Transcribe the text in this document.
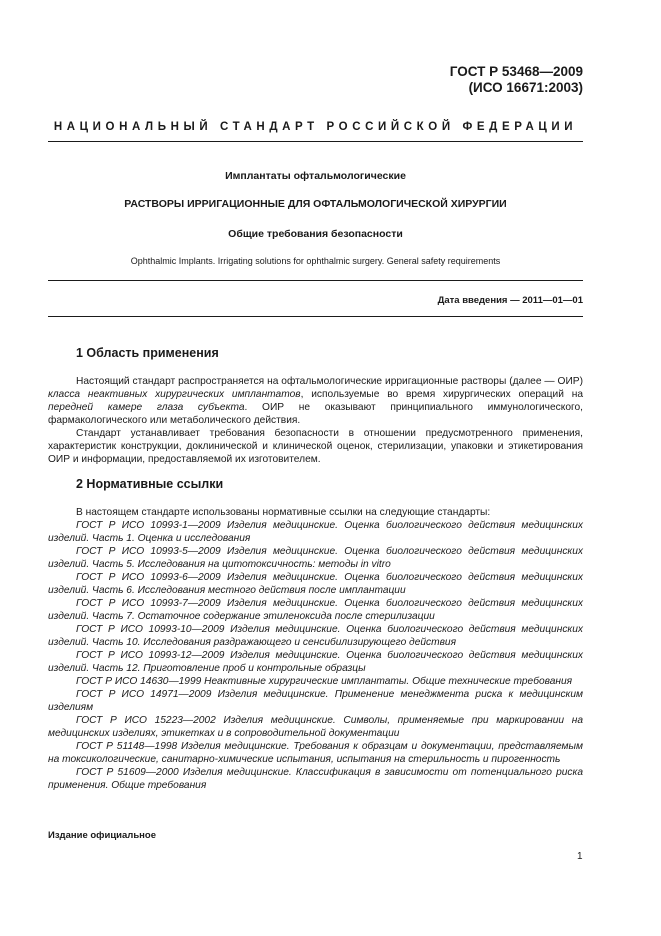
ГОСТ Р 53468—2009
(ИСО 16671:2003)
НАЦИОНАЛЬНЫЙ СТАНДАРТ РОССИЙСКОЙ ФЕДЕРАЦИИ
Имплантаты офтальмологические
РАСТВОРЫ ИРРИГАЦИОННЫЕ ДЛЯ ОФТАЛЬМОЛОГИЧЕСКОЙ ХИРУРГИИ
Общие требования безопасности
Ophthalmic Implants. Irrigating solutions for ophthalmic surgery. General safety requirements
Дата введения — 2011—01—01
1 Область применения

Настоящий стандарт распространяется на офтальмологические ирригационные растворы (далее — ОИР) класса неактивных хирургических имплантатов, используемые во время хирургических операций на передней камере глаза субъекта. ОИР не оказывают принципиального иммунологического, фармакологического или метаболического действия.

Стандарт устанавливает требования безопасности в отношении предусмотренного применения, характеристик конструкции, доклинической и клинической оценок, стерилизации, упаковки и этикетирования ОИР и информации, предоставляемой их изготовителем.

2 Нормативные ссылки

В настоящем стандарте использованы нормативные ссылки на следующие стандарты:

ГОСТ Р ИСО 10993-1—2009 Изделия медицинские. Оценка биологического действия медицинских изделий. Часть 1. Оценка и исследования

ГОСТ Р ИСО 10993-5—2009 Изделия медицинские. Оценка биологического действия медицинских изделий. Часть 5. Исследования на цитотоксичность: методы in vitro

ГОСТ Р ИСО 10993-6—2009 Изделия медицинские. Оценка биологического действия медицинских изделий. Часть 6. Исследования местного действия после имплантации

ГОСТ Р ИСО 10993-7—2009 Изделия медицинские. Оценка биологического действия медицинских изделий. Часть 7. Остаточное содержание этиленоксида после стерилизации

ГОСТ Р ИСО 10993-10—2009 Изделия медицинские. Оценка биологического действия медицинских изделий. Часть 10. Исследования раздражающего и сенсибилизирующего действия

ГОСТ Р ИСО 10993-12—2009 Изделия медицинские. Оценка биологического действия медицинских изделий. Часть 12. Приготовление проб и контрольные образцы

ГОСТ Р ИСО 14630—1999 Неактивные хирургические имплантаты. Общие технические требования

ГОСТ Р ИСО 14971—2009 Изделия медицинские. Применение менеджмента риска к медицинским изделиям

ГОСТ Р ИСО 15223—2002 Изделия медицинские. Символы, применяемые при маркировании на медицинских изделиях, этикетках и в сопроводительной документации

ГОСТ Р 51148—1998 Изделия медицинские. Требования к образцам и документации, представляемым на токсикологические, санитарно-химические испытания, испытания на стерильность и пирогенность

ГОСТ Р 51609—2000 Изделия медицинские. Классификация в зависимости от потенциального риска применения. Общие требования

Издание официальное
1
